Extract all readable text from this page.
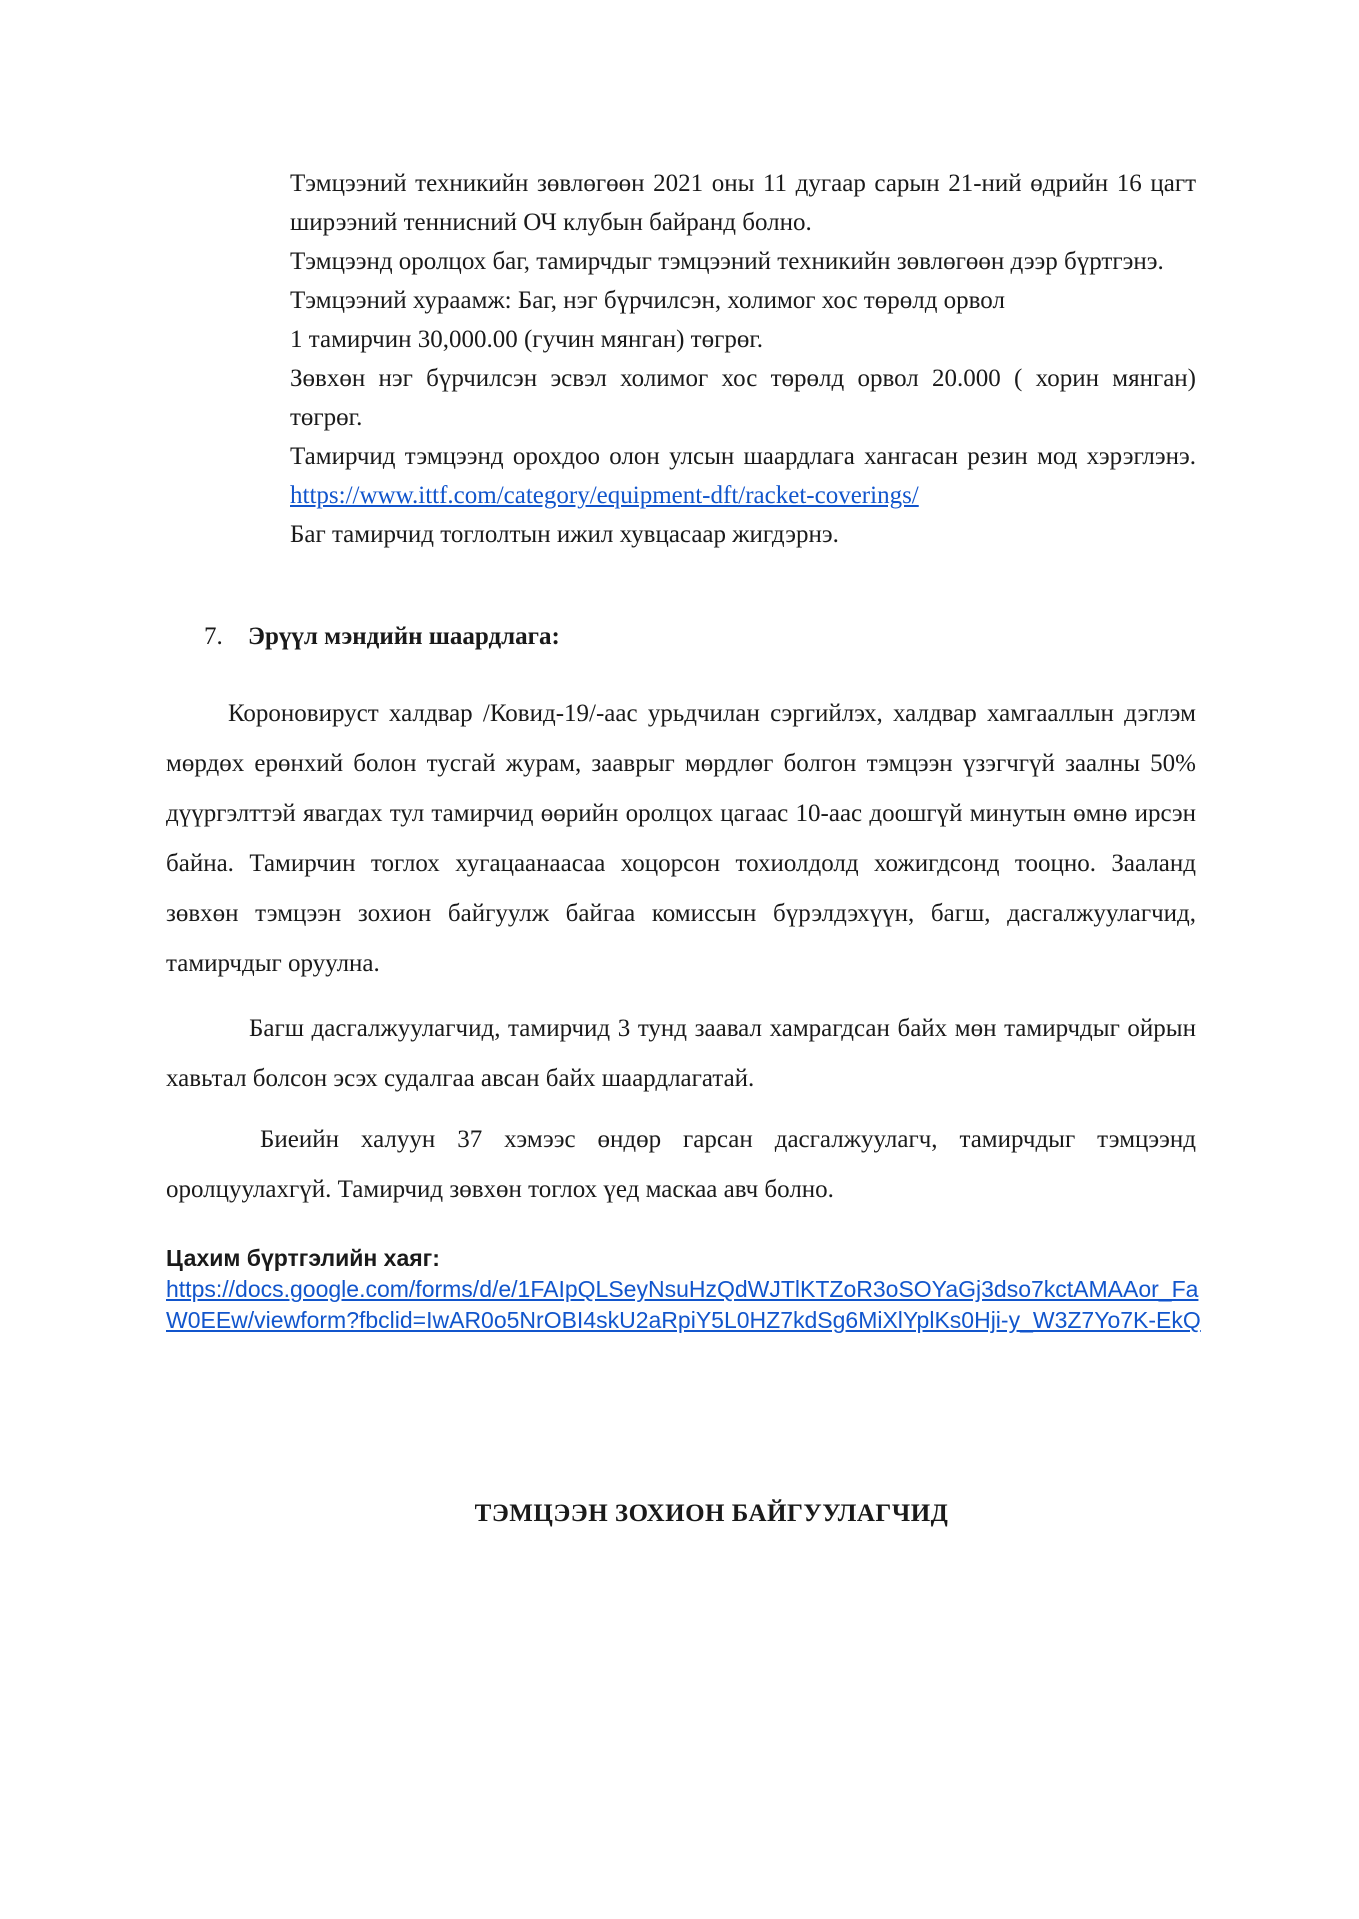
Тэмцээний техникийн зөвлөгөөн 2021 оны 11 дугаар сарын 21-ний өдрийн 16 цагт ширээний теннисний ОЧ клубын байранд болно.

Тэмцээнд оролцох баг, тамирчдыг тэмцээний техникийн зөвлөгөөн дээр бүртгэнэ.

Тэмцээний хураамж: Баг, нэг бүрчилсэн, холимог хос төрөлд орвол

1 тамирчин 30,000.00 (гучин мянган) төгрөг.

Зөвхөн нэг бүрчилсэн эсвэл холимог хос төрөлд орвол 20.000 ( хорин мянган) төгрөг.

Тамирчид тэмцээнд орохдоо олон улсын шаардлага хангасан резин мод хэрэглэнэ. https://www.ittf.com/category/equipment-dft/racket-coverings/

Баг тамирчид тоглолтын ижил хувцасаар жигдэрнэ.

7. Эрүүл мэндийн шаардлага:

Короновируст халдвар /Ковид-19/-аас урьдчилан сэргийлэх, халдвар хамгааллын дэглэм мөрдөх ерөнхий болон тусгай журам, зааврыг мөрдлөг болгон тэмцээн үзэгчгүй заалны 50% дүүргэлттэй явагдах тул тамирчид өөрийн оролцох цагаас 10-аас доошгүй минутын өмнө ирсэн байна. Тамирчин тоглох хугацаанаасаа хоцорсон тохиолдолд хожигдсонд тооцно. Зааланд зөвхөн тэмцээн зохион байгуулж байгаа комиссын бүрэлдэхүүн, багш, дасгалжуулагчид, тамирчдыг оруулна.

Багш дасгалжуулагчид, тамирчид 3 тунд заавал хамрагдсан байх мөн тамирчдыг ойрын хавьтал болсон эсэх судалгаа авсан байх шаардлагатай.

Биеийн халуун 37 хэмээс өндөр гарсан дасгалжуулагч, тамирчдыг тэмцээнд оролцуулахгүй. Тамирчид зөвхөн тоглох үед маскаа авч болно.

Цахим бүртгэлийн хаяг:
https://docs.google.com/forms/d/e/1FAIpQLSeyNsuHzQdWJTlKTZoR3oSOYaGj3dso7kctAMAAor_FaW0EEw/viewform?fbclid=IwAR0o5NrOBI4skU2aRpiY5L0HZ7kdSg6MiXlYplKs0Hji-y_W3Z7Yo7K-EkQ
ТЭМЦЭЭН ЗОХИОН БАЙГУУЛАГЧИД
